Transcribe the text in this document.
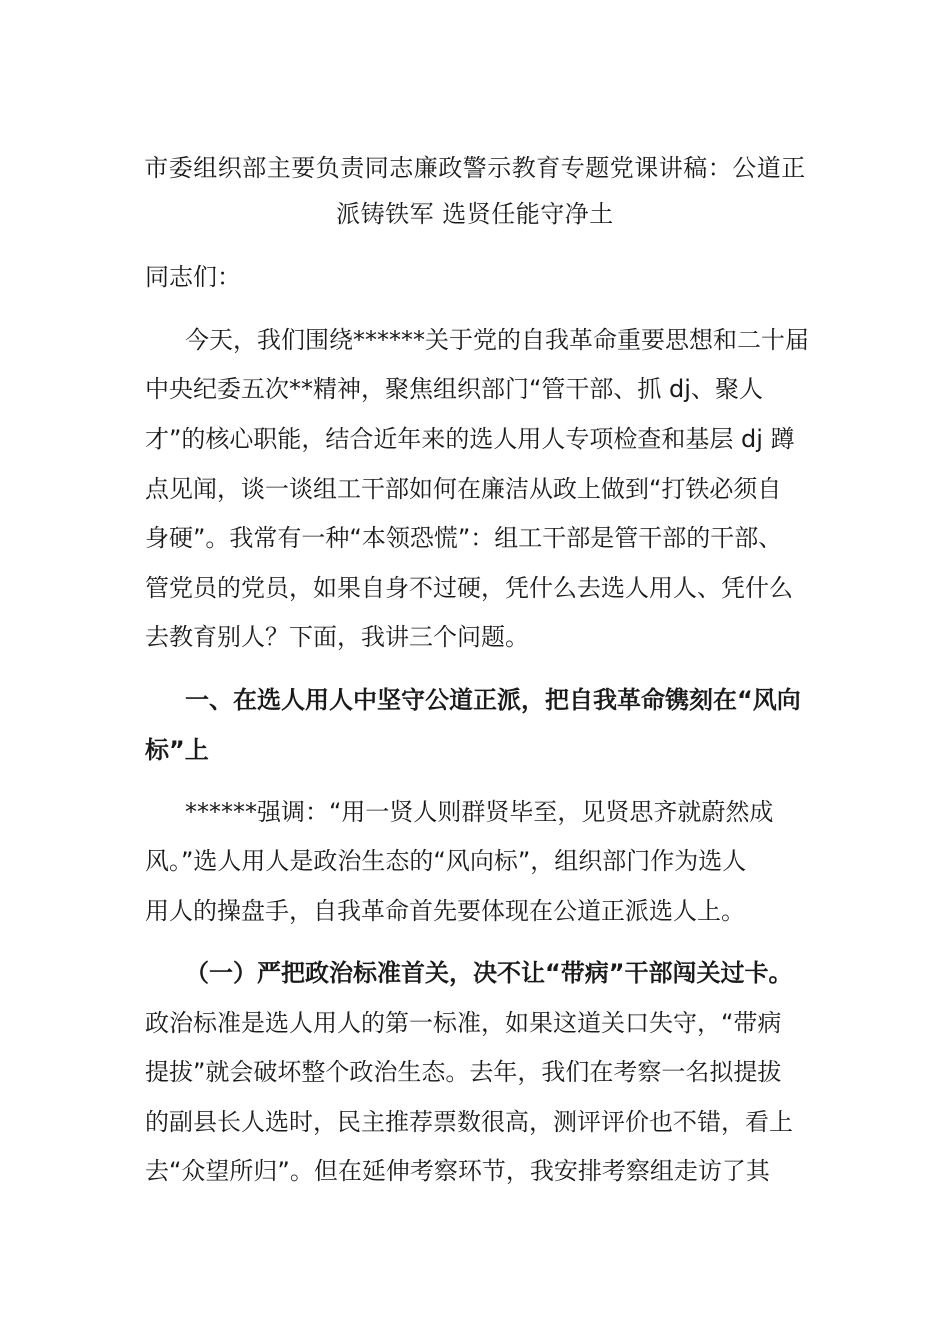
市委组织部主要负责同志廉政警示教育专题党课讲稿：公道正
派铸铁军 选贤任能守净土
同志们：
今天，我们围绕******关于党的自我革命重要思想和二十届
中央纪委五次**精神，聚焦组织部门“管干部、抓 dj、聚人
才”的核心职能，结合近年来的选人用人专项检查和基层 dj 蹲
点见闻，谈一谈组工干部如何在廉洁从政上做到“打铁必须自
身硬”。我常有一种“本领恐慌”：组工干部是管干部的干部、
管党员的党员，如果自身不过硬，凭什么去选人用人、凭什么
去教育别人？下面，我讲三个问题。
一、在选人用人中坚守公道正派，把自我革命镌刻在“风向
标”上
******强调：“用一贤人则群贤毕至，见贤思齐就蔚然成
风。”选人用人是政治生态的“风向标”，组织部门作为选人
用人的操盘手，自我革命首先要体现在公道正派选人上。
（一）严把政治标准首关，决不让“带病”干部闯关过卡。
政治标准是选人用人的第一标准，如果这道关口失守，“带病
提拔”就会破坏整个政治生态。去年，我们在考察一名拟提拔
的副县长人选时，民主推荐票数很高，测评评价也不错，看上
去“众望所归”。但在延伸考察环节，我安排考察组走访了其
